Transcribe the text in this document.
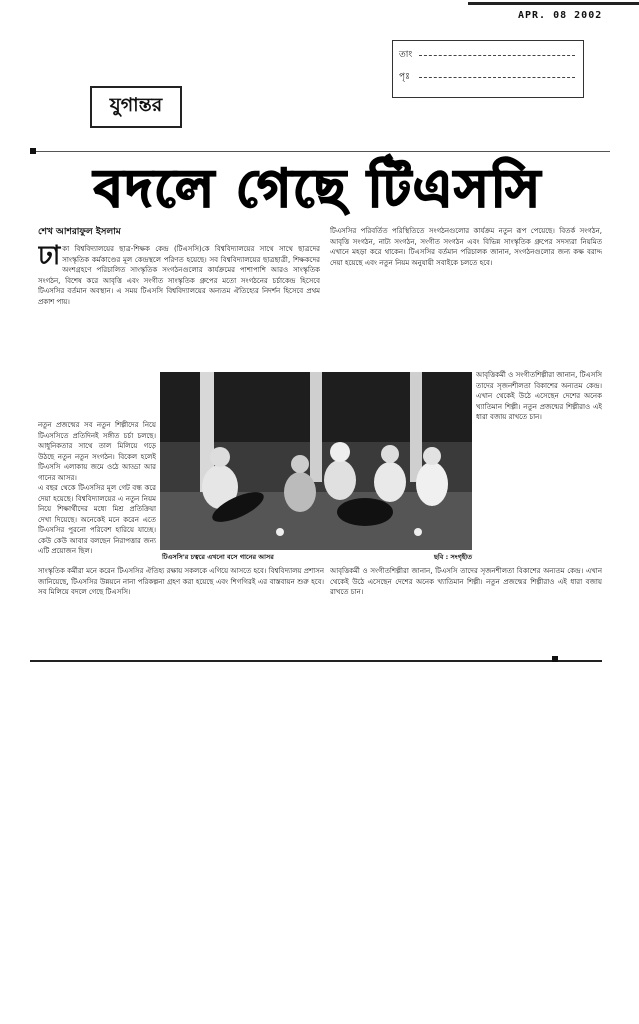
APR. 08 2002
তাং
পৃঃ
যুগান্তর
বদলে গেছে টিএসসি
শেখ আশরাফুল ইসলাম
ঢা কা বিশ্ববিদ্যালয়ের ছাত্র-শিক্ষক কেন্দ্র (টিএসসি)কে বিশ্ববিদ্যালয়ের সাথে সাথে ছাত্রদের সাংস্কৃতিক কর্মকাণ্ডের মূল কেন্দ্রস্থলে পরিণত হয়েছে। সব বিশ্ববিদ্যালয়ের ছাত্রছাত্রী, শিক্ষকদের অংশগ্রহণে পরিচালিত সাংস্কৃতিক সংগঠনগুলোর কার্যক্রমের পাশাপাশি আরও সাংস্কৃতিক সংগঠন, বিশেষ করে আবৃত্তি এবং সংগীত সাংস্কৃতিক গ্রুপের মতো সংগঠনের চর্চাকেন্দ্র হিসেবে টিএসসির বর্তমান অবস্থান। এ সময় টিএসসি বিশ্ববিদ্যালয়ের অন্যতম ঐতিহ্যের নিদর্শন হিসেবে প্রথম প্রকাশ পায়।

নতুন প্রজন্মের সব নতুন শিল্পীদের নিয়ে টিএসসিতে প্রতিদিনই সঙ্গীত চর্চা চলছে। আধুনিকতার সাথে তাল মিলিয়ে গড়ে উঠছে নতুন নতুন সংগঠন। বিকেল হলেই টিএসসি এলাকায় জমে ওঠে আড্ডা আর গানের আসর।

এ বছর থেকে টিএসসির মূল গেট বন্ধ করে দেয়া হয়েছে। বিশ্ববিদ্যালয়ের এ নতুন নিয়ম নিয়ে শিক্ষার্থীদের মধ্যে মিশ্র প্রতিক্রিয়া দেখা দিয়েছে। অনেকেই মনে করেন এতে টিএসসির পুরনো পরিবেশ হারিয়ে যাচ্ছে। কেউ কেউ আবার বলছেন নিরাপত্তার জন্য এটি প্রয়োজন ছিল।

টিএসসির পরিবর্তিত পরিস্থিতিতে সংগঠনগুলোর কার্যক্রম নতুন রূপ পেয়েছে। বিতর্ক সংগঠন, আবৃত্তি সংগঠন, নাট্য সংগঠন, সংগীত সংগঠন এবং বিভিন্ন সাংস্কৃতিক গ্রুপের সদস্যরা নিয়মিত এখানে মহড়া করে থাকেন। টিএসসির বর্তমান পরিচালক জানান, সংগঠনগুলোর জন্য কক্ষ বরাদ্দ দেয়া হয়েছে এবং নতুন নিয়ম অনুযায়ী সবাইকে চলতে হবে।

আবৃত্তিকর্মী ও সংগীতশিল্পীরা জানান, টিএসসি তাদের সৃজনশীলতা বিকাশের অন্যতম কেন্দ্র। এখান থেকেই উঠে এসেছেন দেশের অনেক খ্যাতিমান শিল্পী। নতুন প্রজন্মের শিল্পীরাও এই ধারা বজায় রাখতে চান।

টিএসসি'র চত্বরে এখনো বসে গানের আসর	ছবি : সংগৃহীত

সাংস্কৃতিক কর্মীরা মনে করেন টিএসসির ঐতিহ্য রক্ষায় সকলকে এগিয়ে আসতে হবে। বিশ্ববিদ্যালয় প্রশাসন জানিয়েছে, টিএসসির উন্নয়নে নানা পরিকল্পনা গ্রহণ করা হয়েছে এবং শিগগিরই এর বাস্তবায়ন শুরু হবে। সব মিলিয়ে বদলে গেছে টিএসসি।

আবৃত্তিকর্মী ও সংগীতশিল্পীরা জানান, টিএসসি তাদের সৃজনশীলতা বিকাশের অন্যতম কেন্দ্র। এখান থেকেই উঠে এসেছেন দেশের অনেক খ্যাতিমান শিল্পী। নতুন প্রজন্মের শিল্পীরাও এই ধারা বজায় রাখতে চান।
